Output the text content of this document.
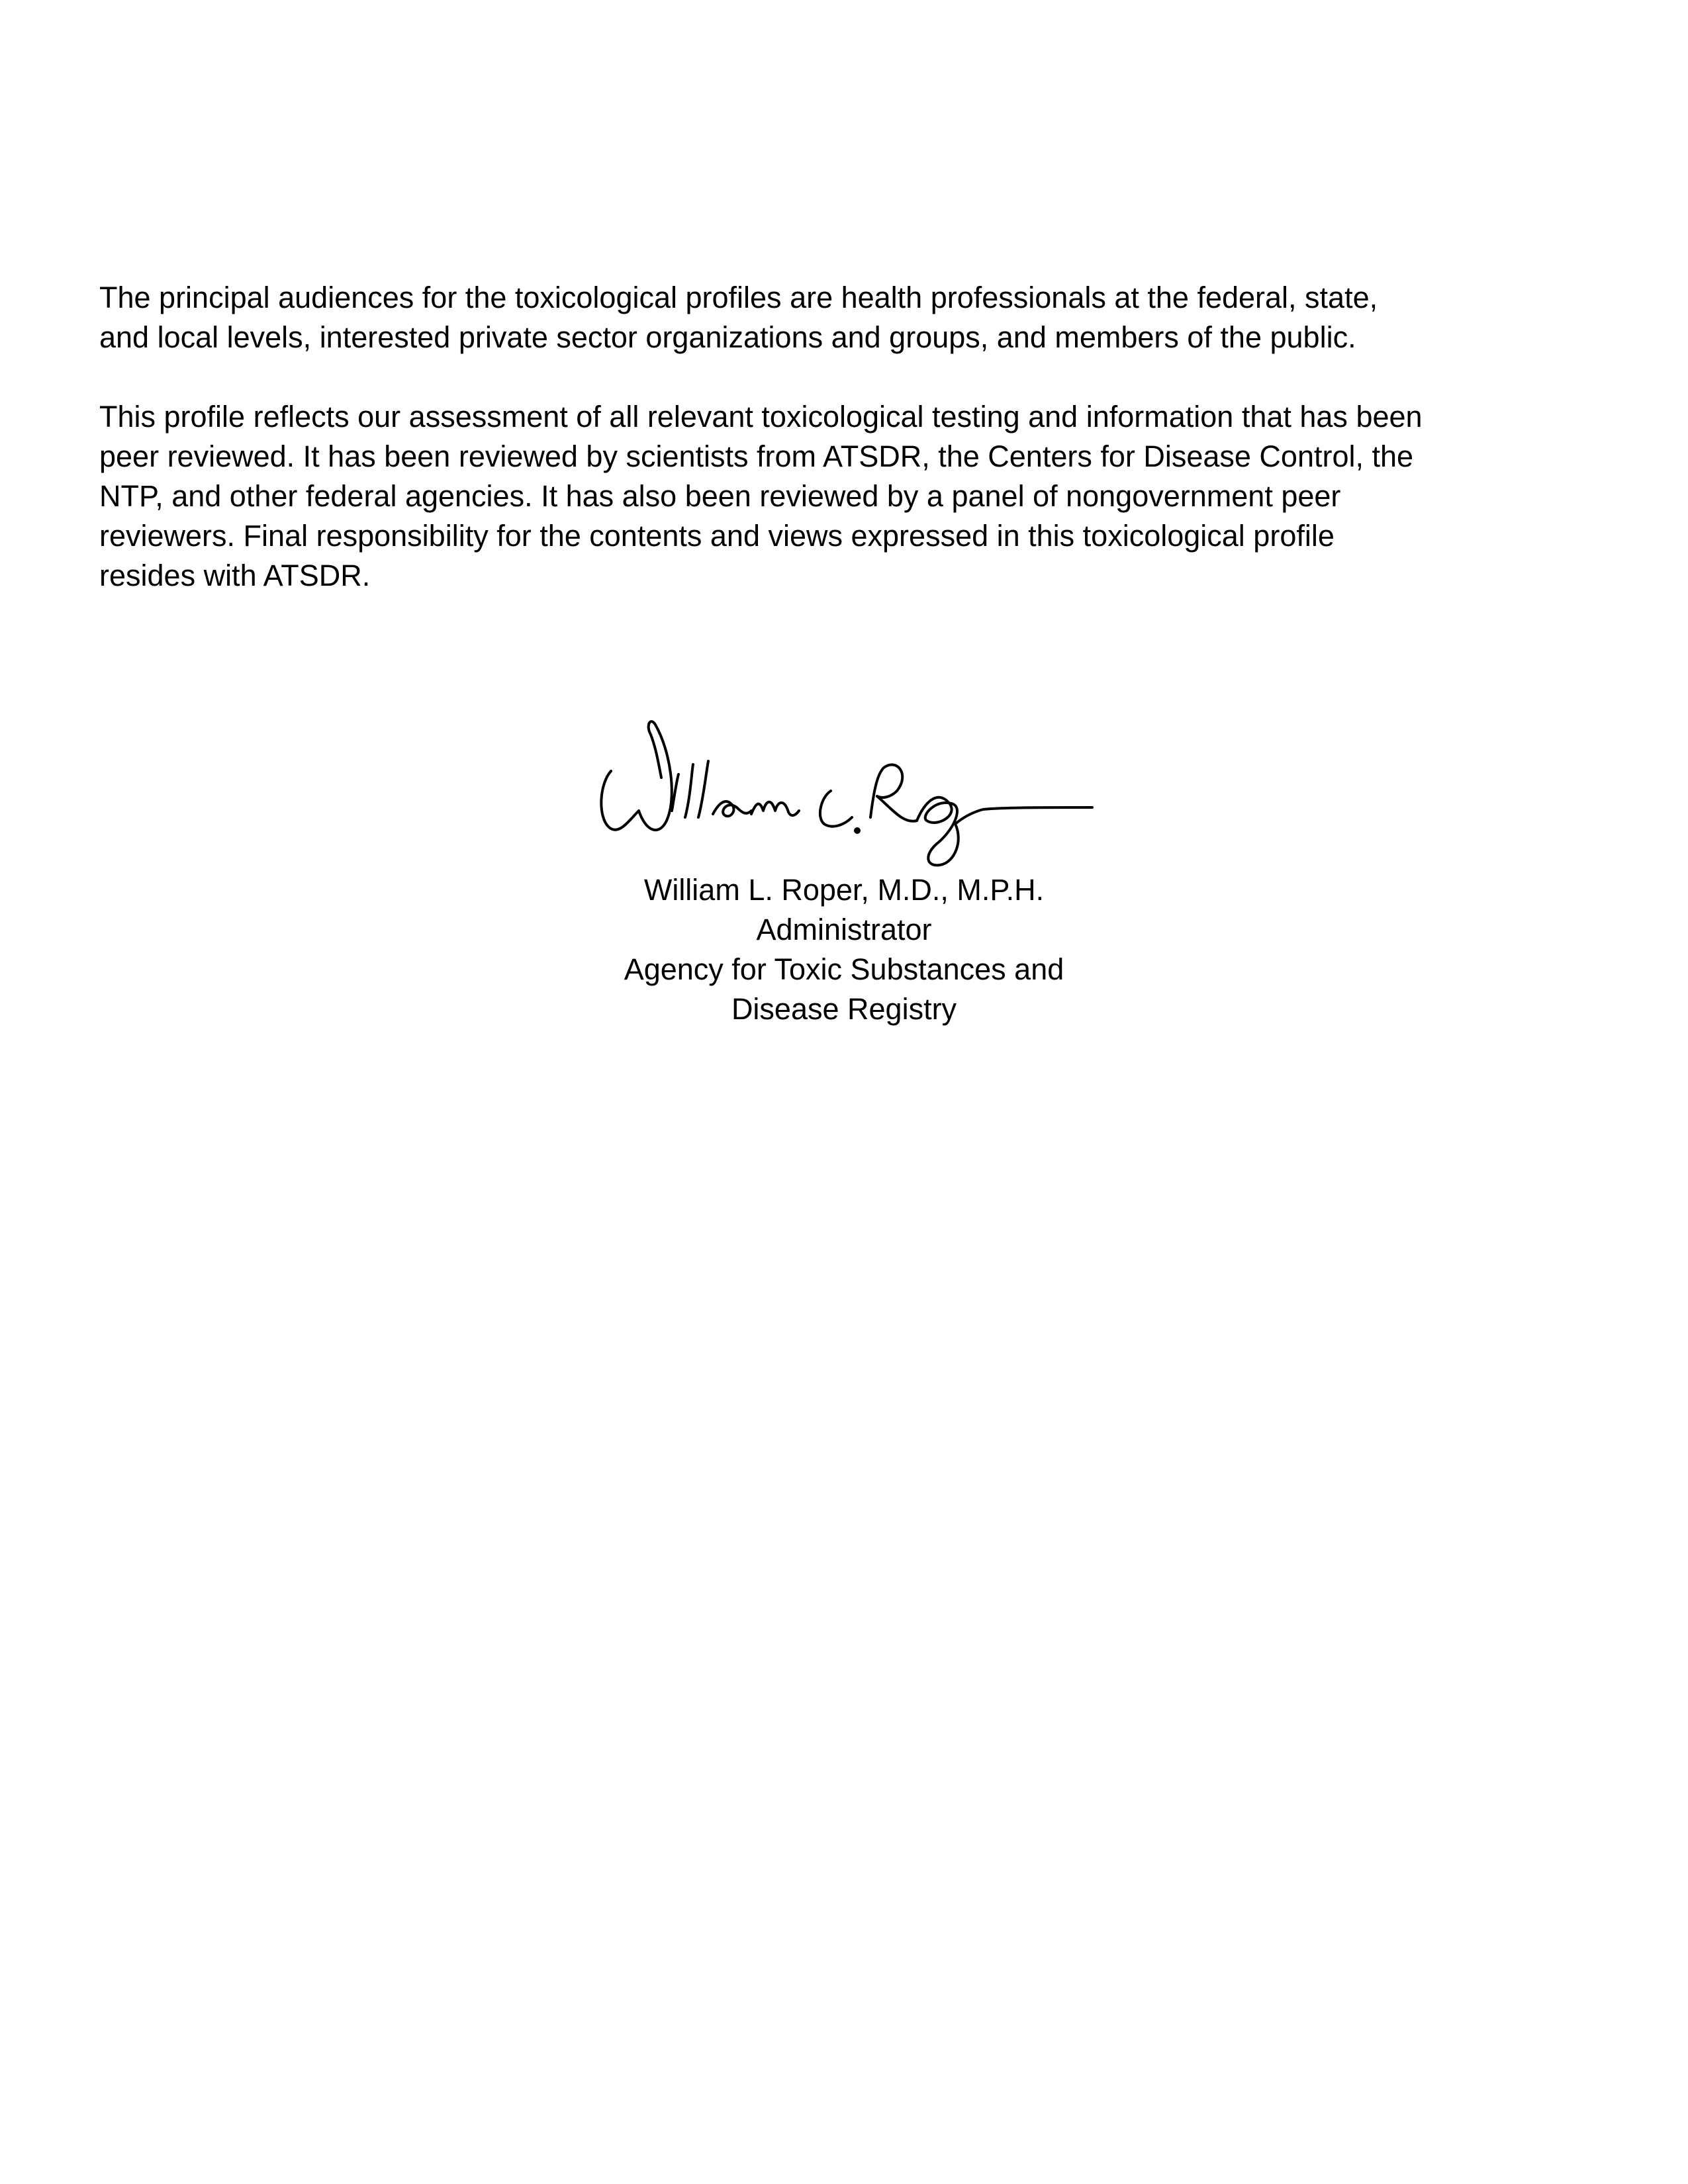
The principal audiences for the toxicological profiles are health professionals at the federal, state,
and local levels, interested private sector organizations and groups, and members of the public.

This profile reflects our assessment of all relevant toxicological testing and information that has been
peer reviewed. It has been reviewed by scientists from ATSDR, the Centers for Disease Control, the
NTP, and other federal agencies. It has also been reviewed by a panel of nongovernment peer
reviewers. Final responsibility for the contents and views expressed in this toxicological profile
resides with ATSDR.

William L. Roper, M.D., M.P.H.
Administrator
Agency for Toxic Substances and
Disease Registry
